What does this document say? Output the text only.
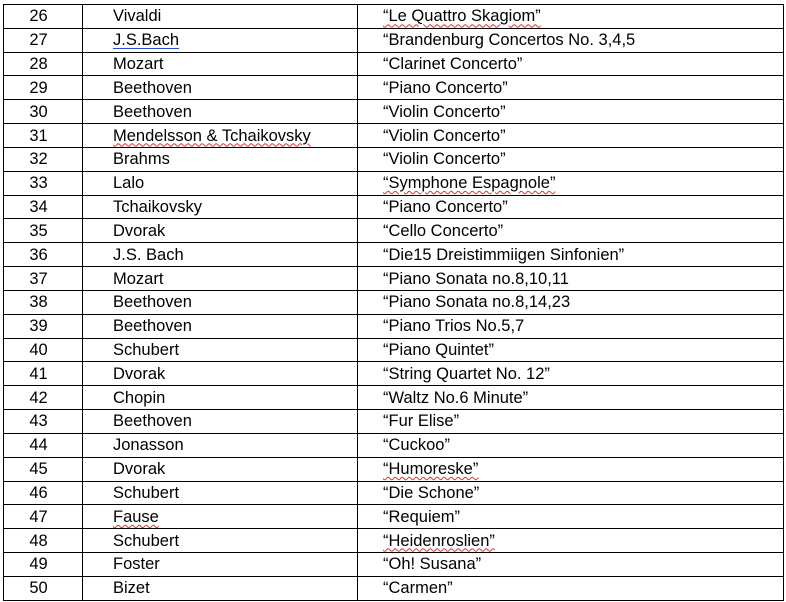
26	Vivaldi	“Le Quattro Skagiom”
27	J.S.Bach	“Brandenburg Concertos No. 3,4,5
28	Mozart	“Clarinet Concerto”
29	Beethoven	“Piano Concerto”
30	Beethoven	“Violin Concerto”
31	Mendelsson & Tchaikovsky	“Violin Concerto”
32	Brahms	“Violin Concerto”
33	Lalo	“Symphone Espagnole”
34	Tchaikovsky	“Piano Concerto”
35	Dvorak	“Cello Concerto”
36	J.S. Bach	“Die15 Dreistimmiigen Sinfonien”
37	Mozart	“Piano Sonata no.8,10,11
38	Beethoven	“Piano Sonata no.8,14,23
39	Beethoven	“Piano Trios No.5,7
40	Schubert	“Piano Quintet”
41	Dvorak	“String Quartet No. 12”
42	Chopin	“Waltz No.6 Minute”
43	Beethoven	“Fur Elise”
44	Jonasson	“Cuckoo”
45	Dvorak	“Humoreske”
46	Schubert	“Die Schone”
47	Fause	“Requiem”
48	Schubert	“Heidenroslien”
49	Foster	“Oh! Susana”
50	Bizet	“Carmen”
